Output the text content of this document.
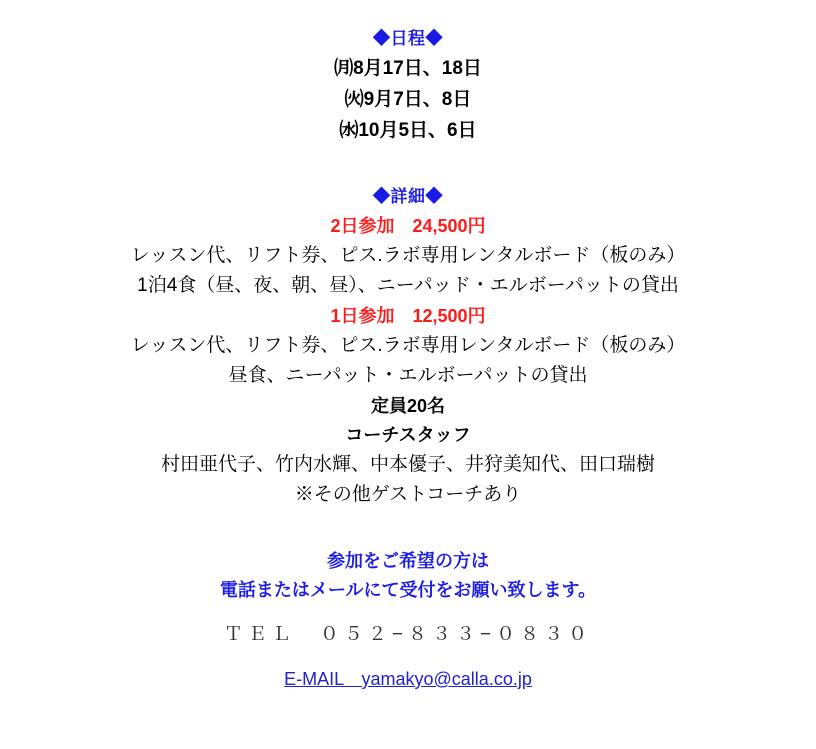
◆日程◆
㈪8月17日、18日
㈫9月7日、8日
㈬10月5日、6日
◆詳細◆
2日参加　24,500円
レッスン代、リフト券、ピス.ラボ専用レンタルボード（板のみ）
1泊4食（昼、夜、朝、昼）、ニーパッド・エルボーパットの貸出
1日参加　12,500円
レッスン代、リフト券、ピス.ラボ専用レンタルボード（板のみ）
昼食、ニーパット・エルボーパットの貸出
定員20名
コーチスタッフ
村田亜代子、竹内水輝、中本優子、井狩美知代、田口瑞樹
※その他ゲストコーチあり
参加をご希望の方は
電話またはメールにて受付をお願い致します。
ＴＥＬ　０５２−８３３−０８３０
E-MAIL　yamakyo@calla.co.jp
